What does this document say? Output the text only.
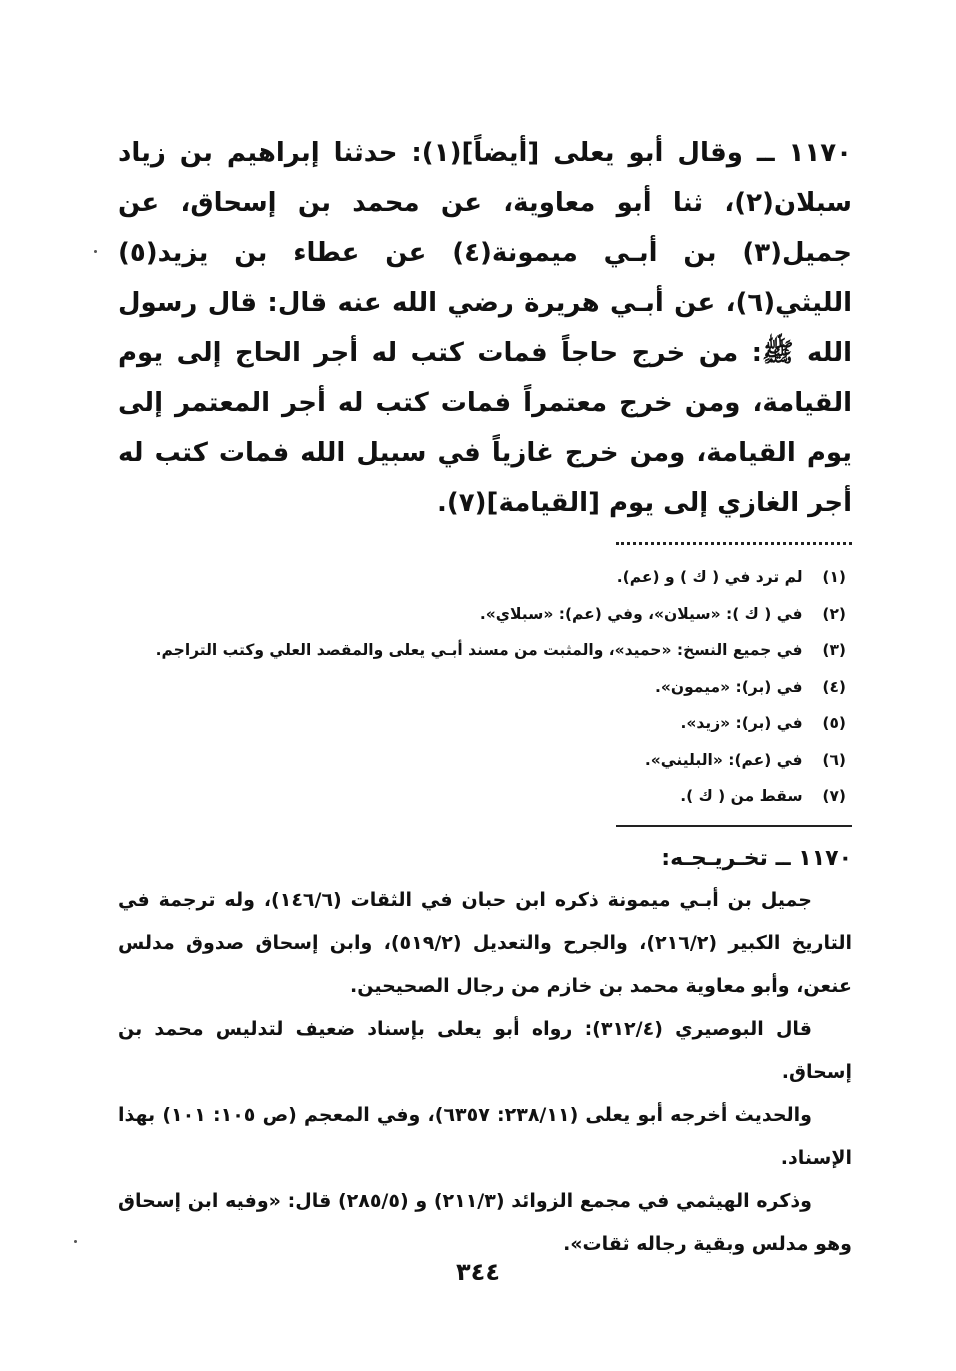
١١٧٠ ــ وقال أبو يعلى [أيضاً](١): حدثنا إبراهيم بن زياد سبلان(٢)، ثنا أبو معاوية، عن محمد بن إسحاق، عن جميل(٣) بن أبـي ميمونة(٤) عن عطاء بن يزيد(٥) الليثي(٦)، عن أبـي هريرة رضي الله عنه قال: قال رسول الله ﷺ: من خرج حاجاً فمات كتب له أجر الحاج إلى يوم القيامة، ومن خرج معتمراً فمات كتب له أجر المعتمر إلى يوم القيامة، ومن خرج غازياً في سبيل الله فمات كتب له أجر الغازي إلى يوم [القيامة](٧).

(١) لم ترد في ( ك ) و (عم).
(٢) في ( ك ): «سيلان»، وفي (عم): «سبلاي».
(٣) في جميع النسخ: «حميد»، والمثبت من مسند أبـي يعلى والمقصد العلي وكتب التراجم.
(٤) في (بر): «ميمون».
(٥) في (بر): «زيد».
(٦) في (عم): «البليني».
(٧) سقط من ( ك ).
١١٧٠ ــ تخـريـجـه:

جميل بن أبـي ميمونة ذكره ابن حبان في الثقات (١٤٦/٦)، وله ترجمة في التاريخ الكبير (٢١٦/٢)، والجرح والتعديل (٥١٩/٢)، وابن إسحاق صدوق مدلس عنعن، وأبو معاوية محمد بن خازم من رجال الصحيحين.

قال البوصيري (٣١٢/٤): رواه أبو يعلى بإسناد ضعيف لتدليس محمد بن إسحاق.

والحديث أخرجه أبو يعلى (٢٣٨/١١: ٦٣٥٧)، وفي المعجم (ص ١٠٥: ١٠١) بهذا الإسناد.

وذكره الهيثمي في مجمع الزوائد (٢١١/٣) و (٢٨٥/٥) قال: «وفيه ابن إسحاق وهو مدلس وبقية رجاله ثقات».

٣٤٤
